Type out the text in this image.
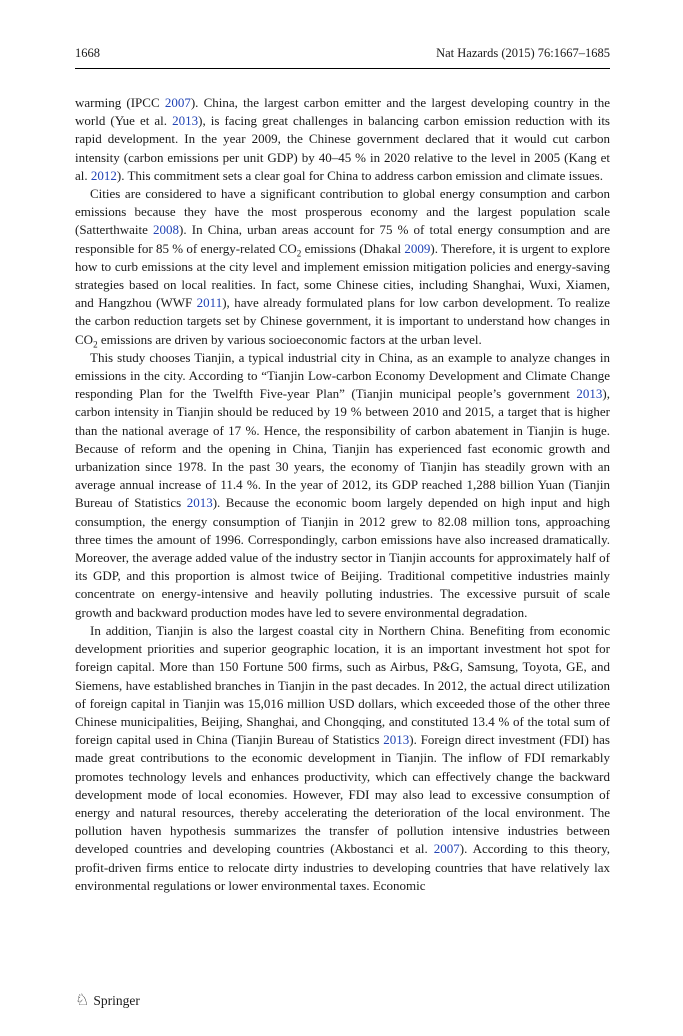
1668	Nat Hazards (2015) 76:1667–1685

warming (IPCC 2007). China, the largest carbon emitter and the largest developing country in the world (Yue et al. 2013), is facing great challenges in balancing carbon emission reduction with its rapid development. In the year 2009, the Chinese government declared that it would cut carbon intensity (carbon emissions per unit GDP) by 40–45 % in 2020 relative to the level in 2005 (Kang et al. 2012). This commitment sets a clear goal for China to address carbon emission and climate issues.

Cities are considered to have a significant contribution to global energy consumption and carbon emissions because they have the most prosperous economy and the largest population scale (Satterthwaite 2008). In China, urban areas account for 75 % of total energy consumption and are responsible for 85 % of energy-related $CO_2$ emissions (Dhakal 2009). Therefore, it is urgent to explore how to curb emissions at the city level and implement emission mitigation policies and energy-saving strategies based on local realities. In fact, some Chinese cities, including Shanghai, Wuxi, Xiamen, and Hangzhou (WWF 2011), have already formulated plans for low carbon development. To realize the carbon reduction targets set by Chinese government, it is important to understand how changes in $CO_2$ emissions are driven by various socioeconomic factors at the urban level.

This study chooses Tianjin, a typical industrial city in China, as an example to analyze changes in emissions in the city. According to “Tianjin Low-carbon Economy Development and Climate Change responding Plan for the Twelfth Five-year Plan” (Tianjin municipal people’s government 2013), carbon intensity in Tianjin should be reduced by 19 % between 2010 and 2015, a target that is higher than the national average of 17 %. Hence, the responsibility of carbon abatement in Tianjin is huge. Because of reform and the opening in China, Tianjin has experienced fast economic growth and urbanization since 1978. In the past 30 years, the economy of Tianjin has steadily grown with an average annual increase of 11.4 %. In the year of 2012, its GDP reached 1,288 billion Yuan (Tianjin Bureau of Statistics 2013). Because the economic boom largely depended on high input and high consumption, the energy consumption of Tianjin in 2012 grew to 82.08 million tons, approaching three times the amount of 1996. Correspondingly, carbon emissions have also increased dramatically. Moreover, the average added value of the industry sector in Tianjin accounts for approximately half of its GDP, and this proportion is almost twice of Beijing. Traditional competitive industries mainly concentrate on energy-intensive and heavily polluting industries. The excessive pursuit of scale growth and backward production modes have led to severe environmental degradation.

In addition, Tianjin is also the largest coastal city in Northern China. Benefiting from economic development priorities and superior geographic location, it is an important investment hot spot for foreign capital. More than 150 Fortune 500 firms, such as Airbus, P&G, Samsung, Toyota, GE, and Siemens, have established branches in Tianjin in the past decades. In 2012, the actual direct utilization of foreign capital in Tianjin was 15,016 million USD dollars, which exceeded those of the other three Chinese municipalities, Beijing, Shanghai, and Chongqing, and constituted 13.4 % of the total sum of foreign capital used in China (Tianjin Bureau of Statistics 2013). Foreign direct investment (FDI) has made great contributions to the economic development in Tianjin. The inflow of FDI remarkably promotes technology levels and enhances productivity, which can effectively change the backward development mode of local economies. However, FDI may also lead to excessive consumption of energy and natural resources, thereby accelerating the deterioration of the local environment. The pollution haven hypothesis summarizes the transfer of pollution intensive industries between developed countries and developing countries (Akbostanci et al. 2007). According to this theory, profit-driven firms entice to relocate dirty industries to developing countries that have relatively lax environmental regulations or lower environmental taxes. Economic

♘ Springer
